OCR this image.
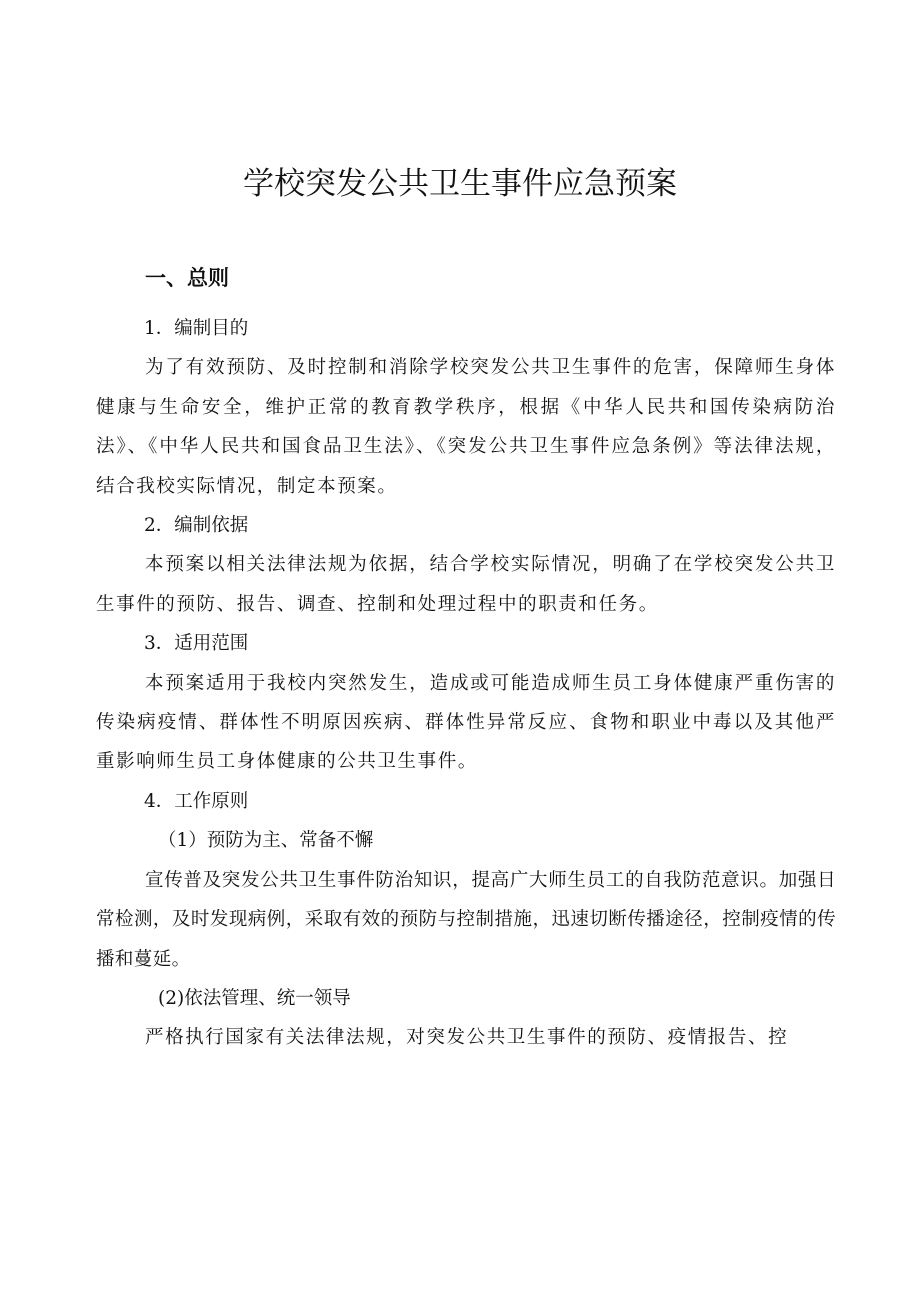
学校突发公共卫生事件应急预案
一、总则

1．编制目的

为了有效预防、及时控制和消除学校突发公共卫生事件的危害，保障师生身体健康与生命安全，维护正常的教育教学秩序，根据《中华人民共和国传染病防治法》、《中华人民共和国食品卫生法》、《突发公共卫生事件应急条例》等法律法规，结合我校实际情况，制定本预案。

2．编制依据

本预案以相关法律法规为依据，结合学校实际情况，明确了在学校突发公共卫生事件的预防、报告、调查、控制和处理过程中的职责和任务。

3．适用范围

本预案适用于我校内突然发生，造成或可能造成师生员工身体健康严重伤害的传染病疫情、群体性不明原因疾病、群体性异常反应、食物和职业中毒以及其他严重影响师生员工身体健康的公共卫生事件。

4．工作原则

（1）预防为主、常备不懈

宣传普及突发公共卫生事件防治知识，提高广大师生员工的自我防范意识。加强日常检测，及时发现病例，采取有效的预防与控制措施，迅速切断传播途径，控制疫情的传播和蔓延。

(2)依法管理、统一领导

严格执行国家有关法律法规，对突发公共卫生事件的预防、疫情报告、控
